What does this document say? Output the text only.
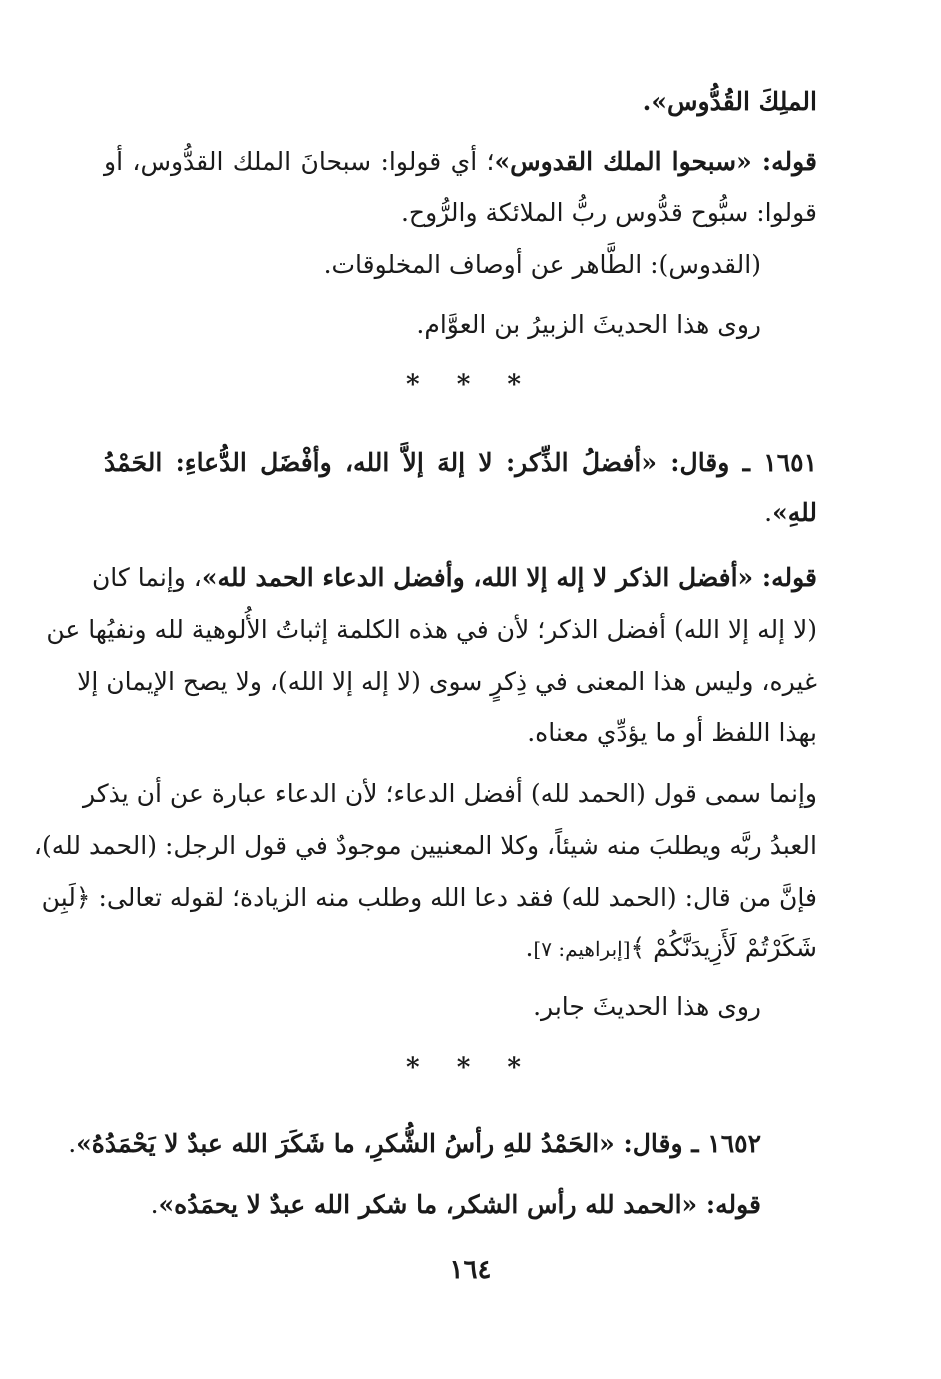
الملِكَ القُدُّوس».
قوله: «سبحوا الملك القدوس»؛ أي قولوا: سبحانَ الملك القدُّوس، أو
قولوا: سبُّوح قدُّوس ربُّ الملائكة والرُّوح.
(القدوس): الطَّاهر عن أوصاف المخلوقات.
روى هذا الحديثَ الزبيرُ بن العوَّام.
* * *
١٦٥١ ـ وقال: «أفضلُ الذِّكر: لا إلهَ إلاَّ الله، وأفْضَل الدُّعاءِ: الحَمْدُ
للهِ».
قوله: «أفضل الذكر لا إله إلا الله، وأفضل الدعاء الحمد لله»، وإنما كان
(لا إله إلا الله) أفضل الذكر؛ لأن في هذه الكلمة إثباتُ الأُلوهية لله ونفيُها عن
غيره، وليس هذا المعنى في ذِكرٍ سوى (لا إله إلا الله)، ولا يصح الإيمان إلا
بهذا اللفظ أو ما يؤدِّي معناه.
وإنما سمى قول (الحمد لله) أفضل الدعاء؛ لأن الدعاء عبارة عن أن يذكر
العبدُ ربَّه ويطلبَ منه شيئاً، وكلا المعنيين موجودٌ في قول الرجل: (الحمد لله)،
فإنَّ من قال: (الحمد لله) فقد دعا الله وطلب منه الزيادة؛ لقوله تعالى: ﴿لَبِن
شَكَرْتُمْ لَأَزِيدَنَّكُمْ ﴾[إبراهيم: ٧].
روى هذا الحديثَ جابر.
* * *
١٦٥٢ ـ وقال: «الحَمْدُ للهِ رأسُ الشُّكرِ، ما شَكَرَ الله عبدٌ لا يَحْمَدُهُ».
قوله: «الحمد لله رأس الشكر، ما شكر الله عبدٌ لا يحمَدُه».
١٦٤
